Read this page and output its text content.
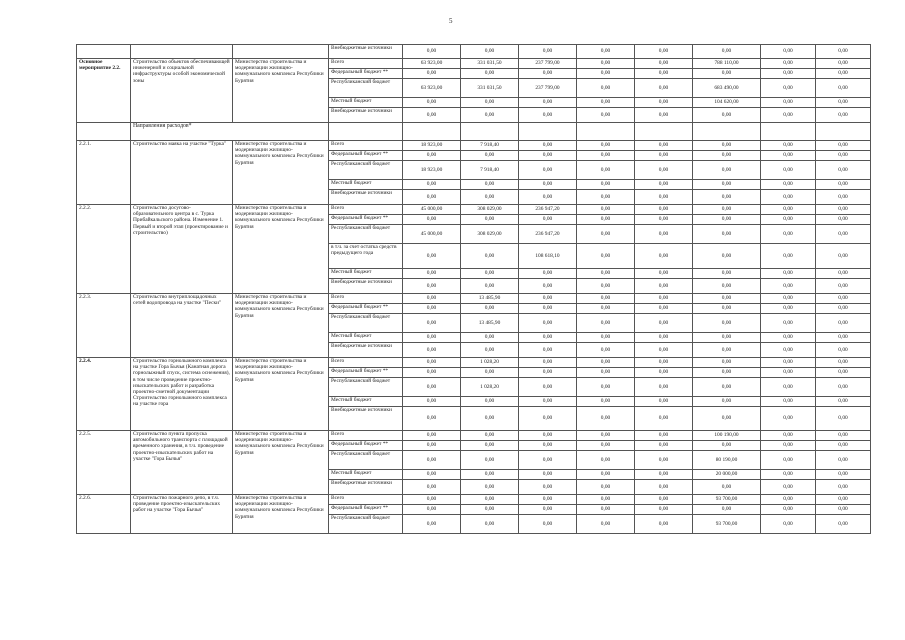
5
			Внебюджетные источники	0,00	0,00	0,00	0,00	0,00	0,00	0,00	0,00
Основное мероприятие 2.2.	Строительство объектов обеспечивающей инженерной и социальной инфраструктуры особой экономической зоны	Министерство строительства и модернизации жилищно-коммунального комплекса Республики Бурятия	Всего	63 923,00	331 031,50	237 799,00	0,00	0,00	788 110,00	0,00	0,00
			Федеральный бюджет **	0,00	0,00	0,00	0,00	0,00	0,00	0,00	0,00
			Республиканский бюджет	63 923,00	331 031,50	237 799,00	0,00	0,00	683 490,00	0,00	0,00
			Местный бюджет	0,00	0,00	0,00	0,00	0,00	104 620,00	0,00	0,00
			Внебюджетные источники	0,00	0,00	0,00	0,00	0,00	0,00	0,00	0,00
	Направления расходов*										
2.2.1.	Строительство маяка на участке "Турка"	Министерство строительства и модернизации жилищно-коммунального комплекса Республики Бурятия	Всего	18 923,00	7 918,40	0,00	0,00	0,00	0,00	0,00	0,00
			Федеральный бюджет **	0,00	0,00	0,00	0,00	0,00	0,00	0,00	0,00
			Республиканский бюджет	18 923,00	7 918,40	0,00	0,00	0,00	0,00	0,00	0,00
			Местный бюджет	0,00	0,00	0,00	0,00	0,00	0,00	0,00	0,00
			Внебюджетные источники	0,00	0,00	0,00	0,00	0,00	0,00	0,00	0,00
2.2.2.	Строительство досугово-образовательного центра в с. Турка Прибайкальского района. Изменение 1. Первый и второй этап (проектирование и строительство)	Министерство строительства и модернизации жилищно-коммунального комплекса Республики Бурятия	Всего	45 000,00	308 029,00	236 947,20	0,00	0,00	0,00	0,00	0,00
			Федеральный бюджет **	0,00	0,00	0,00	0,00	0,00	0,00	0,00	0,00
			Республиканский бюджет	45 000,00	308 029,00	236 947,20	0,00	0,00	0,00	0,00	0,00
			в т.ч. за счет остатка средств предыдущего года	0,00	0,00	108 618,10	0,00	0,00	0,00	0,00	0,00
			Местный бюджет	0,00	0,00	0,00	0,00	0,00	0,00	0,00	0,00
			Внебюджетные источники	0,00	0,00	0,00	0,00	0,00	0,00	0,00	0,00
2.2.3.	Строительство внутриплощадочных сетей водопровода на участке "Пески"	Министерство строительства и модернизации жилищно-коммунального комплекса Республики Бурятия	Всего	0,00	13 485,90	0,00	0,00	0,00	0,00	0,00	0,00
			Федеральный бюджет **	0,00	0,00	0,00	0,00	0,00	0,00	0,00	0,00
			Республиканский бюджет	0,00	13 485,90	0,00	0,00	0,00	0,00	0,00	0,00
			Местный бюджет	0,00	0,00	0,00	0,00	0,00	0,00	0,00	0,00
			Внебюджетные источники	0,00	0,00	0,00	0,00	0,00	0,00	0,00	0,00
2.2.4.	Строительство горнолыжного комплекса на участке Гора Бычья (Канатная дорога горнолыжный спуск, система оснежения), в том числе проведение проектно-изыскательских работ и разработка проектно-сметной документации Строительство горнолыжного комплекса на участке гора	Министерство строительства и модернизации жилищно-коммунального комплекса Республики Бурятия	Всего	0,00	1 028,20	0,00	0,00	0,00	0,00	0,00	0,00
			Федеральный бюджет **	0,00	0,00	0,00	0,00	0,00	0,00	0,00	0,00
			Республиканский бюджет	0,00	1 028,20	0,00	0,00	0,00	0,00	0,00	0,00
			Местный бюджет	0,00	0,00	0,00	0,00	0,00	0,00	0,00	0,00
			Внебюджетные источники	0,00	0,00	0,00	0,00	0,00	0,00	0,00	0,00
2.2.5.	Строительство пункта пропуска автомобильного транспорта с площадкой временного хранения, в т.ч. проведение проектно-изыскательских работ на участке "Гора Бычья"	Министерство строительства и модернизации жилищно-коммунального комплекса Республики Бурятия	Всего	0,00	0,00	0,00	0,00	0,00	100 190,00	0,00	0,00
			Федеральный бюджет **	0,00	0,00	0,00	0,00	0,00	0,00	0,00	0,00
			Республиканский бюджет	0,00	0,00	0,00	0,00	0,00	80 190,00	0,00	0,00
			Местный бюджет	0,00	0,00	0,00	0,00	0,00	20 000,00	0,00	0,00
			Внебюджетные источники	0,00	0,00	0,00	0,00	0,00	0,00	0,00	0,00
2.2.6.	Строительство пожарного депо, в т.ч. проведение проектно-изыскательских работ на участке "Гора Бычья"	Министерство строительства и модернизации жилищно-коммунального комплекса Республики Бурятия	Всего	0,00	0,00	0,00	0,00	0,00	93 700,00	0,00	0,00
			Федеральный бюджет **	0,00	0,00	0,00	0,00	0,00	0,00	0,00	0,00
			Республиканский бюджет	0,00	0,00	0,00	0,00	0,00	93 700,00	0,00	0,00
